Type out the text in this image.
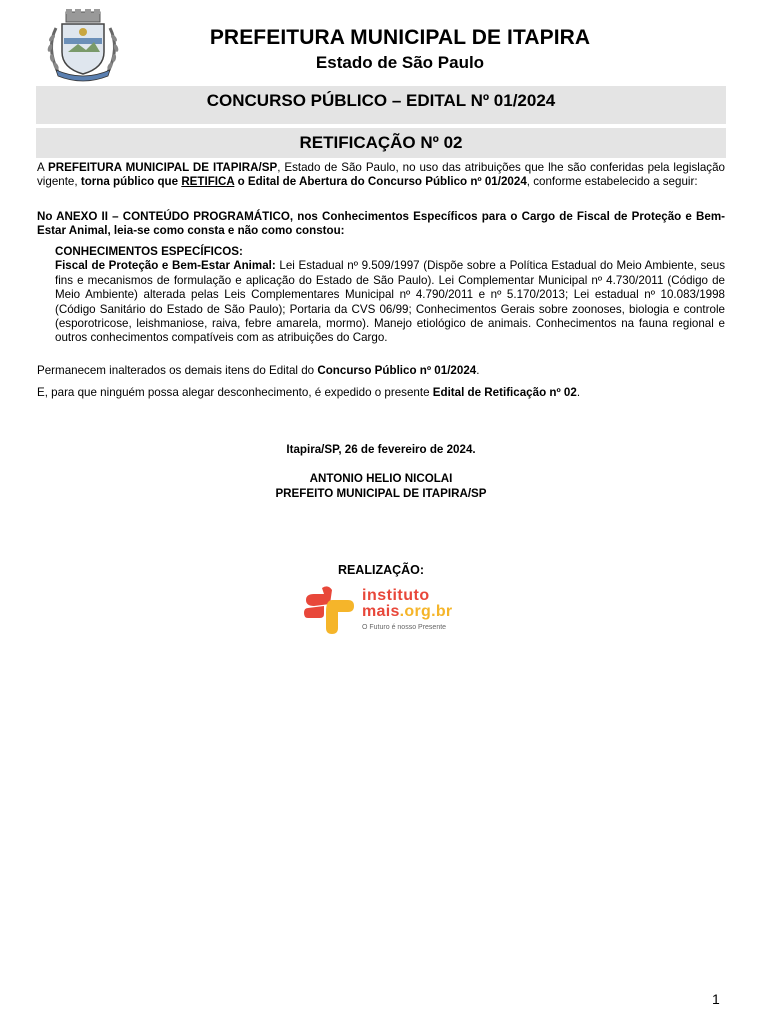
PREFEITURA MUNICIPAL DE ITAPIRA
Estado de São Paulo
CONCURSO PÚBLICO – EDITAL Nº 01/2024
RETIFICAÇÃO Nº 02
A PREFEITURA MUNICIPAL DE ITAPIRA/SP, Estado de São Paulo, no uso das atribuições que lhe são conferidas pela legislação vigente, torna público que RETIFICA o Edital de Abertura do Concurso Público nº 01/2024, conforme estabelecido a seguir:
No ANEXO II – CONTEÚDO PROGRAMÁTICO, nos Conhecimentos Específicos para o Cargo de Fiscal de Proteção e Bem-Estar Animal, leia-se como consta e não como constou:
CONHECIMENTOS ESPECÍFICOS:
Fiscal de Proteção e Bem-Estar Animal: Lei Estadual nº 9.509/1997 (Dispõe sobre a Política Estadual do Meio Ambiente, seus fins e mecanismos de formulação e aplicação do Estado de São Paulo). Lei Complementar Municipal nº 4.730/2011 (Código de Meio Ambiente) alterada pelas Leis Complementares Municipal nº 4.790/2011 e nº 5.170/2013; Lei estadual nº 10.083/1998 (Código Sanitário do Estado de São Paulo); Portaria da CVS 06/99; Conhecimentos Gerais sobre zoonoses, biologia e controle (esporotricose, leishmaniose, raiva, febre amarela, mormo). Manejo etiológico de animais. Conhecimentos na fauna regional e outros conhecimentos compatíveis com as atribuições do Cargo.
Permanecem inalterados os demais itens do Edital do Concurso Público nº 01/2024.
E, para que ninguém possa alegar desconhecimento, é expedido o presente Edital de Retificação nº 02.
Itapira/SP, 26 de fevereiro de 2024.
ANTONIO HELIO NICOLAI
PREFEITO MUNICIPAL DE ITAPIRA/SP
REALIZAÇÃO:
instituto
mais.org.br
O Futuro é nosso Presente
1
